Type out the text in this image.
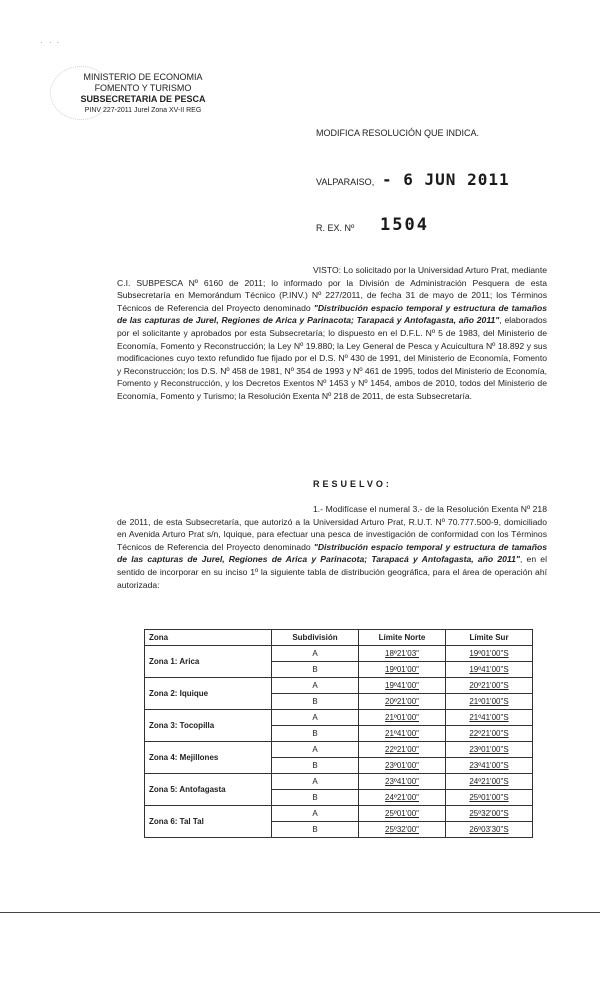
·   ·  ·
MINISTERIO DE ECONOMIA
FOMENTO Y TURISMO
SUBSECRETARIA DE PESCA
PINV 227-2011 Jurel Zona XV-II REG
MODIFICA RESOLUCIÓN QUE INDICA.
VALPARAISO, - 6 JUN 2011
R. EX. Nº 1504
VISTO: Lo solicitado por la Universidad Arturo Prat, mediante C.I. SUBPESCA Nº 6160 de 2011; lo informado por la División de Administración Pesquera de esta Subsecretaría en Memorándum Técnico (P.INV.) Nº 227/2011, de fecha 31 de mayo de 2011; los Términos Técnicos de Referencia del Proyecto denominado "Distribución espacio temporal y estructura de tamaños de las capturas de Jurel, Regiones de Arica y Parinacota; Tarapacá y Antofagasta, año 2011", elaborados por el solicitante y aprobados por esta Subsecretaría; lo dispuesto en el D.F.L. Nº 5 de 1983, del Ministerio de Economía, Fomento y Reconstrucción; la Ley Nº 19.880; la Ley General de Pesca y Acuicultura Nº 18.892 y sus modificaciones cuyo texto refundido fue fijado por el D.S. Nº 430 de 1991, del Ministerio de Economía, Fomento y Reconstrucción; los D.S. Nº 458 de 1981, Nº 354 de 1993 y Nº 461 de 1995, todos del Ministerio de Economía, Fomento y Reconstrucción, y los Decretos Exentos Nº 1453 y Nº 1454, ambos de 2010, todos del Ministerio de Economía, Fomento y Turismo; la Resolución Exenta Nº 218 de 2011, de esta Subsecretaría.
RESUELVO:
1.- Modifícase el numeral 3.- de la Resolución Exenta Nº 218 de 2011, de esta Subsecretaría, que autorizó a la Universidad Arturo Prat, R.U.T. Nº 70.777.500-9, domiciliado en Avenida Arturo Prat s/n, Iquique, para efectuar una pesca de investigación de conformidad con los Términos Técnicos de Referencia del Proyecto denominado "Distribución espacio temporal y estructura de tamaños de las capturas de Jurel, Regiones de Arica y Parinacota; Tarapacá y Antofagasta, año 2011", en el sentido de incorporar en su inciso 1º la siguiente tabla de distribución geográfica, para el área de operación ahí autorizada:
Zona	Subdivisión	Límite Norte	Límite Sur
Zona 1: Arica	A	18º21'03"	19º01'00"S
	B	19º01'00"	19º41'00"S
Zona 2: Iquique	A	19º41'00"	20º21'00"S
	B	20º21'00"	21º01'00"S
Zona 3: Tocopilla	A	21º01'00"	21º41'00"S
	B	21º41'00"	22º21'00"S
Zona 4: Mejillones	A	22º21'00"	23º01'00"S
	B	23º01'00"	23º41'00"S
Zona 5: Antofagasta	A	23º41'00"	24º21'00"S
	B	24º21'00"	25º01'00"S
Zona 6: Tal Tal	A	25º01'00"	25º32'00"S
	B	25º32'00"	26º03'30"S
